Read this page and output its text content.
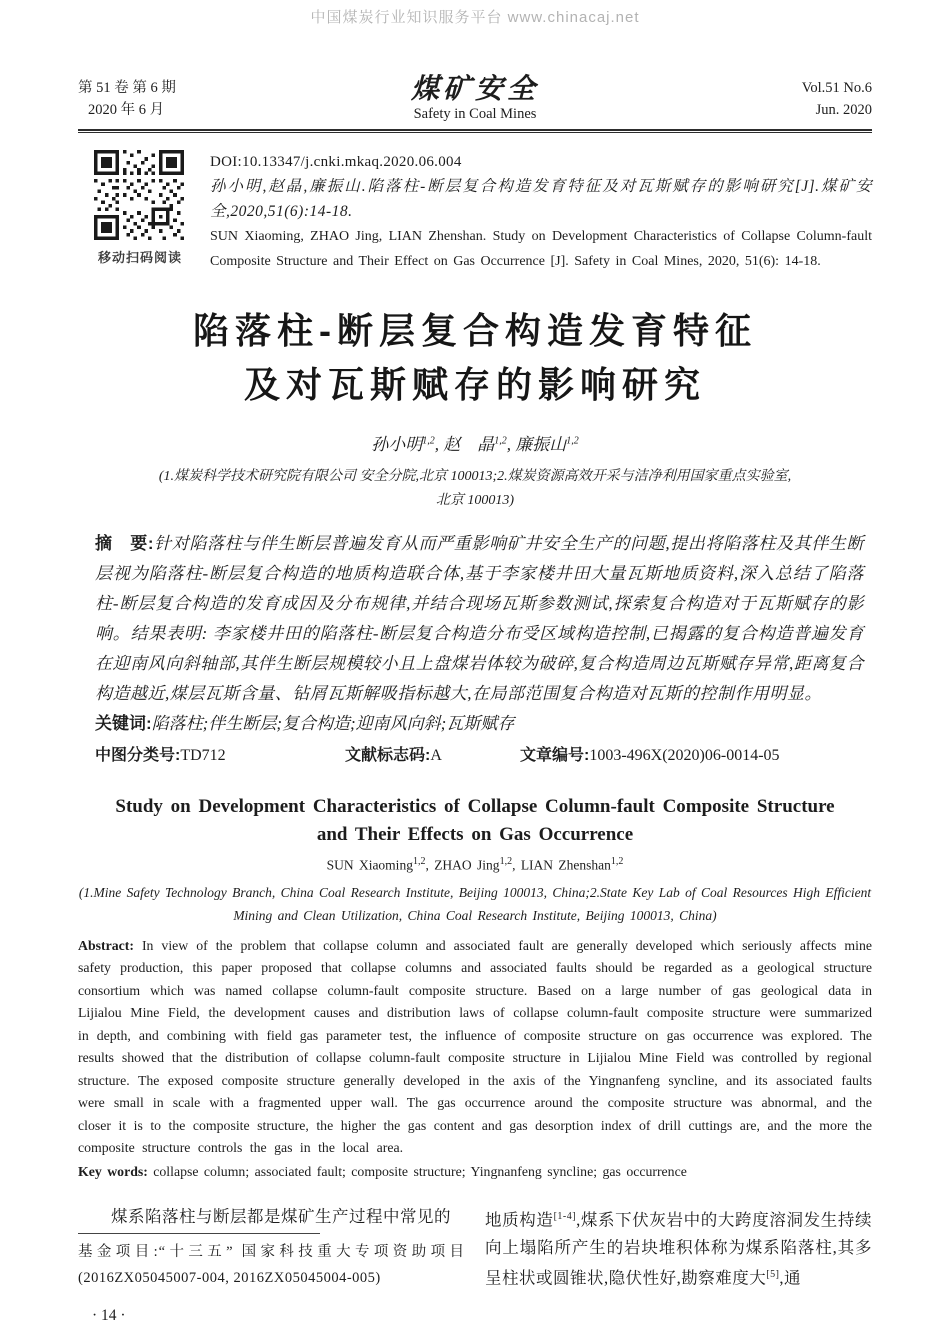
中国煤炭行业知识服务平台 www.chinacaj.net
第 51 卷 第 6 期
2020 年 6 月
煤矿安全
Safety in Coal Mines
Vol.51 No.6
Jun. 2020
移动扫码阅读
DOI:10.13347/j.cnki.mkaq.2020.06.004
孙小明,赵晶,廉振山.陷落柱-断层复合构造发育特征及对瓦斯赋存的影响研究[J].煤矿安全,2020,51(6):14-18.
SUN Xiaoming, ZHAO Jing, LIAN Zhenshan. Study on Development Characteristics of Collapse Column-fault Composite Structure and Their Effect on Gas Occurrence [J]. Safety in Coal Mines, 2020, 51(6): 14-18.
陷落柱-断层复合构造发育特征
及对瓦斯赋存的影响研究
孙小明$^{1,2}$, 赵　晶$^{1,2}$, 廉振山$^{1,2}$
(1.煤炭科学技术研究院有限公司 安全分院,北京 100013;2.煤炭资源高效开采与洁净利用国家重点实验室,
北京 100013)
摘　要:针对陷落柱与伴生断层普遍发育从而严重影响矿井安全生产的问题,提出将陷落柱及其伴生断层视为陷落柱-断层复合构造的地质构造联合体,基于李家楼井田大量瓦斯地质资料,深入总结了陷落柱-断层复合构造的发育成因及分布规律,并结合现场瓦斯参数测试,探索复合构造对于瓦斯赋存的影响。结果表明: 李家楼井田的陷落柱-断层复合构造分布受区域构造控制,已揭露的复合构造普遍发育在迎南风向斜轴部,其伴生断层规模较小且上盘煤岩体较为破碎,复合构造周边瓦斯赋存异常,距离复合构造越近,煤层瓦斯含量、钻屑瓦斯解吸指标越大,在局部范围复合构造对瓦斯的控制作用明显。
关键词:陷落柱;伴生断层;复合构造;迎南风向斜;瓦斯赋存
中图分类号:TD712	文献标志码:A	文章编号:1003-496X(2020)06-0014-05
Study on Development Characteristics of Collapse Column-fault Composite Structure
and Their Effects on Gas Occurrence
SUN Xiaoming$^{1,2}$, ZHAO Jing$^{1,2}$, LIAN Zhenshan$^{1,2}$
(1.Mine Safety Technology Branch, China Coal Research Institute, Beijing 100013, China;2.State Key Lab of Coal Resources High Efficient Mining and Clean Utilization, China Coal Research Institute, Beijing 100013, China)
Abstract: In view of the problem that collapse column and associated fault are generally developed which seriously affects mine safety production, this paper proposed that collapse columns and associated faults should be regarded as a geological structure consortium which was named collapse column-fault composite structure. Based on a large number of gas geological data in Lijialou Mine Field, the development causes and distribution laws of collapse column-fault composite structure were summarized in depth, and combining with field gas parameter test, the influence of composite structure on gas occurrence was explored. The results showed that the distribution of collapse column-fault composite structure in Lijialou Mine Field was controlled by regional structure. The exposed composite structure generally developed in the axis of the Yingnanfeng syncline, and its associated faults were small in scale with a fragmented upper wall. The gas occurrence around the composite structure was abnormal, and the closer it is to the composite structure, the higher the gas content and gas desorption index of drill cuttings are, and the more the composite structure controls the gas in the local area.
Key words: collapse column; associated fault; composite structure; Yingnanfeng syncline; gas occurrence
煤系陷落柱与断层都是煤矿生产过程中常见的
基金项目:“十三五” 国家科技重大专项资助项目
(2016ZX05045007-004, 2016ZX05045004-005)
· 14 ·
地质构造[1-4],煤系下伏灰岩中的大跨度溶洞发生持续向上塌陷所产生的岩块堆积体称为煤系陷落柱,其多呈柱状或圆锥状,隐伏性好,勘察难度大[5],通
